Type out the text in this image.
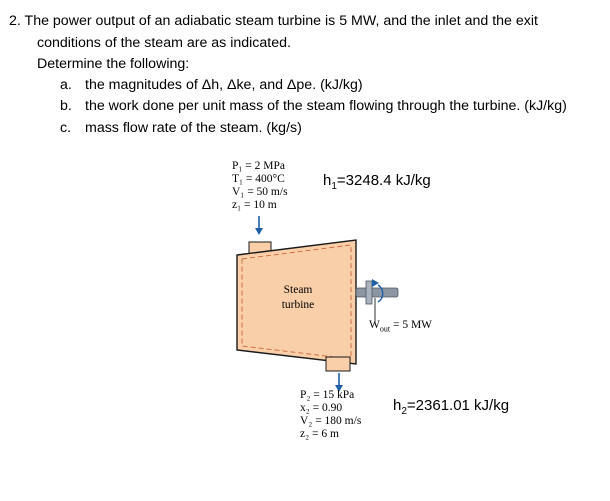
2. The power output of an adiabatic steam turbine is 5 MW, and the inlet and the exit
conditions of the steam are as indicated.
Determine the following:
a. the magnitudes of Δh, Δke, and Δpe. (kJ/kg)
b. the work done per unit mass of the steam flowing through the turbine. (kJ/kg)
c. mass flow rate of the steam. (kg/s)
P₁ = 2 MPa
T₁ = 400°C
V₁ = 50 m/s
z₁ = 10 m
$h_1=3248.4$ kJ/kg
Steam
turbine
$W_{out} = 5$ MW
P₂ = 15 kPa
x₂ = 0.90
V₂ = 180 m/s
z₂ = 6 m
$h_2=2361.01$ kJ/kg
